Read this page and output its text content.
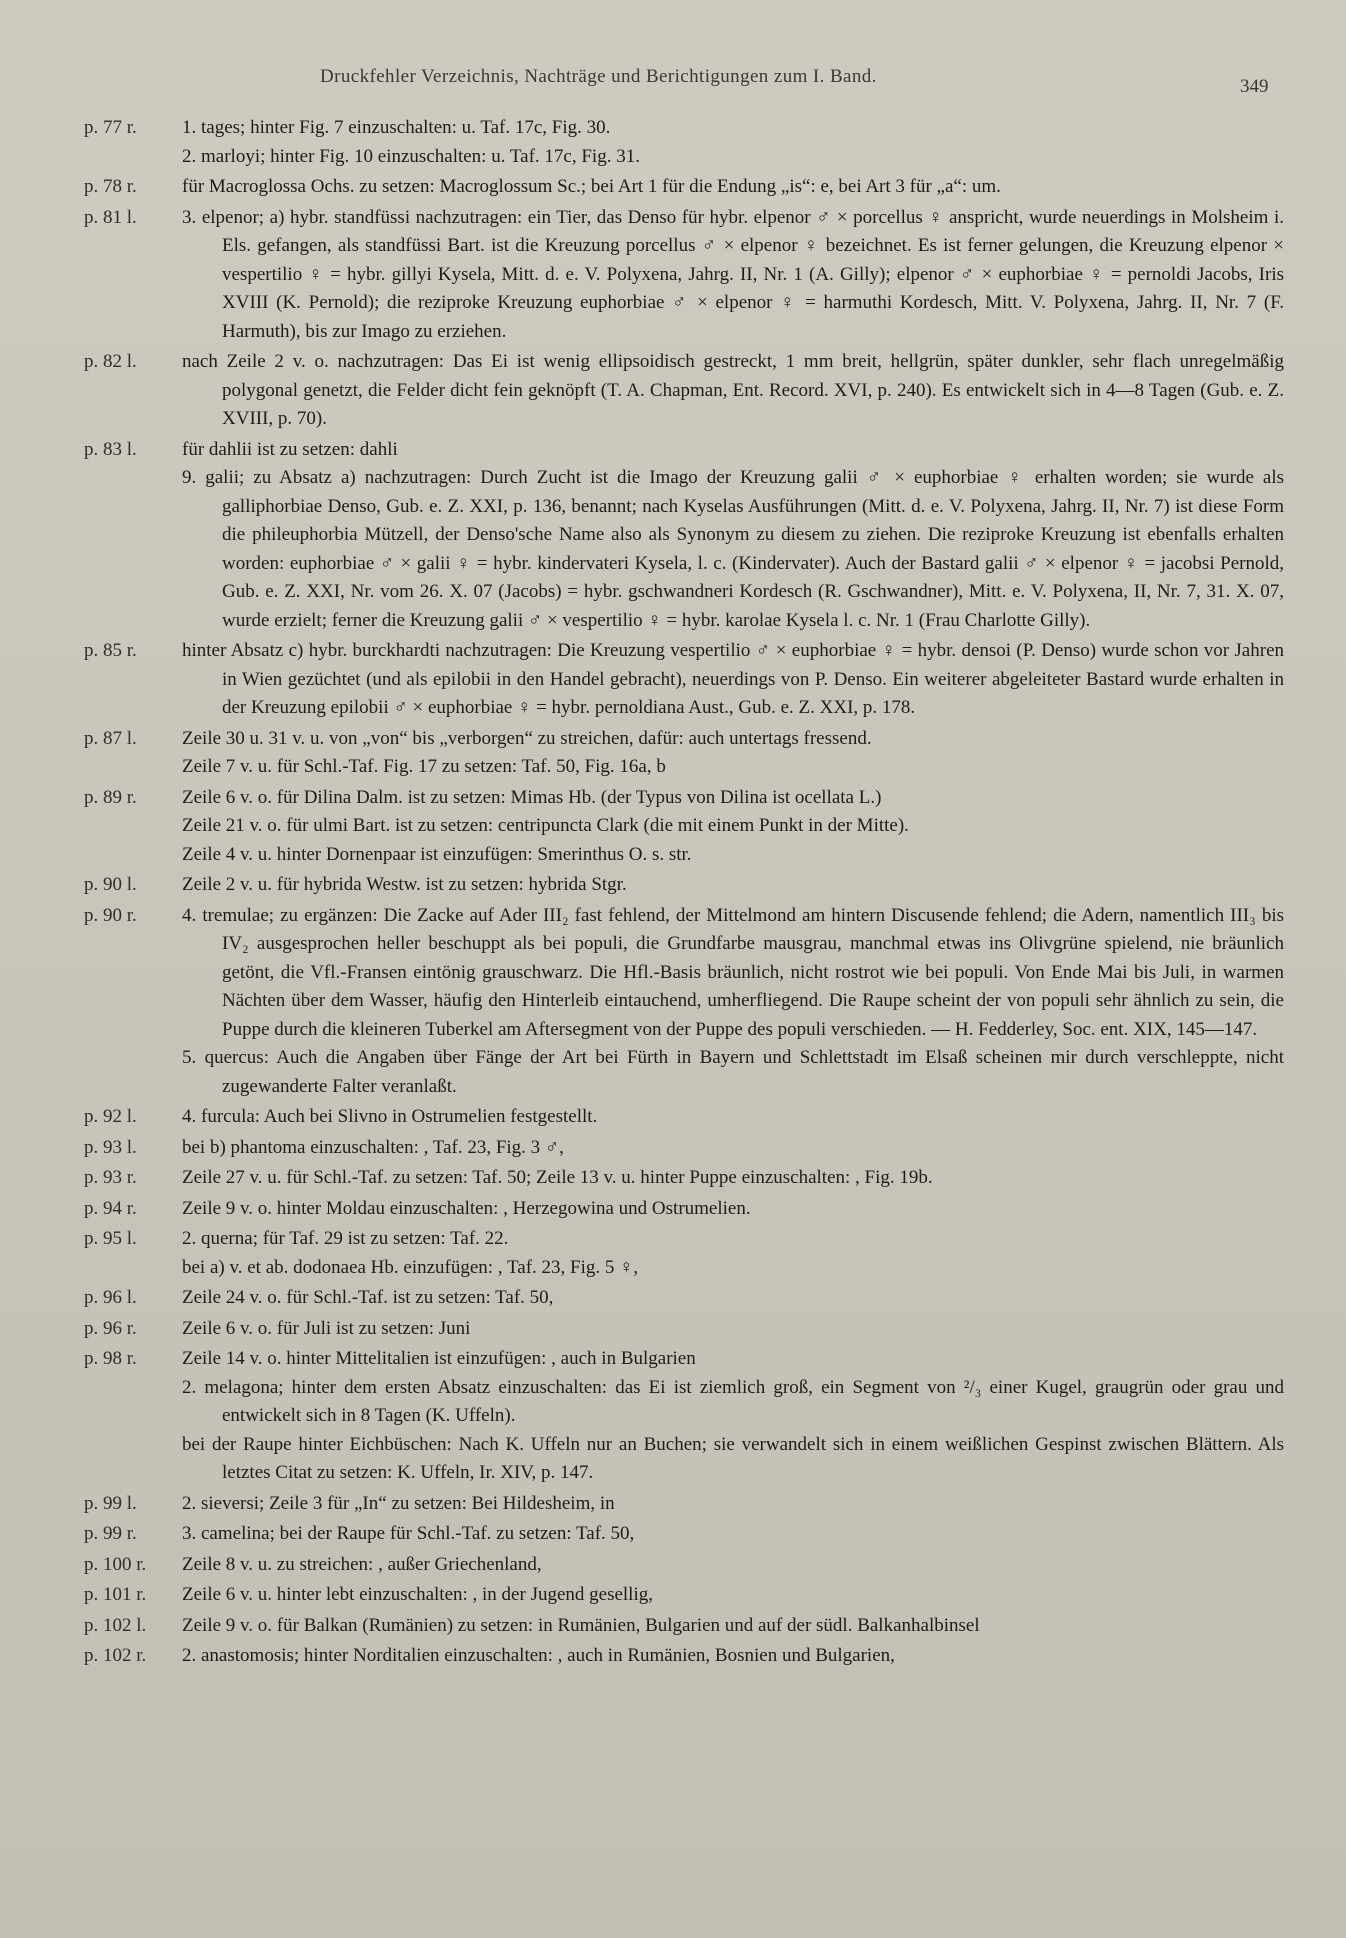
Druckfehler Verzeichnis, Nachträge und Berichtigungen zum I. Band.	349
p. 77 r.	1. tages; hinter Fig. 7 einzuschalten: u. Taf. 17c, Fig. 30.
2. marloyi; hinter Fig. 10 einzuschalten: u. Taf. 17c, Fig. 31.
p. 78 r.	für Macroglossa Ochs. zu setzen: Macroglossum Sc.; bei Art 1 für die Endung „is“: e, bei Art 3 für „a“: um.
p. 81 l.	3. elpenor; a) hybr. standfüssi nachzutragen: ein Tier, das Denso für hybr. elpenor ♂ × porcellus ♀ anspricht, wurde neuerdings in Molsheim i. Els. gefangen, als standfüssi Bart. ist die Kreuzung porcellus ♂ × elpenor ♀ bezeichnet. Es ist ferner gelungen, die Kreuzung elpenor × vespertilio ♀ = hybr. gillyi Kysela, Mitt. d. e. V. Polyxena, Jahrg. II, Nr. 1 (A. Gilly); elpenor ♂ × euphorbiae ♀ = pernoldi Jacobs, Iris XVIII (K. Pernold); die reziproke Kreuzung euphorbiae ♂ × elpenor ♀ = harmuthi Kordesch, Mitt. V. Polyxena, Jahrg. II, Nr. 7 (F. Harmuth), bis zur Imago zu erziehen.
p. 82 l.	nach Zeile 2 v. o. nachzutragen: Das Ei ist wenig ellipsoidisch gestreckt, 1 mm breit, hellgrün, später dunkler, sehr flach unregelmäßig polygonal genetzt, die Felder dicht fein geknöpft (T. A. Chapman, Ent. Record. XVI, p. 240). Es entwickelt sich in 4—8 Tagen (Gub. e. Z. XVIII, p. 70).
p. 83 l.	für dahlii ist zu setzen: dahli
9. galii; zu Absatz a) nachzutragen: Durch Zucht ist die Imago der Kreuzung galii ♂ × euphorbiae ♀ erhalten worden; sie wurde als galliphorbiae Denso, Gub. e. Z. XXI, p. 136, benannt; nach Kyselas Ausführungen (Mitt. d. e. V. Polyxena, Jahrg. II, Nr. 7) ist diese Form die phileuphorbia Mützell, der Denso'sche Name also als Synonym zu diesem zu ziehen. Die reziproke Kreuzung ist ebenfalls erhalten worden: euphorbiae ♂ × galii ♀ = hybr. kindervateri Kysela, l. c. (Kindervater). Auch der Bastard galii ♂ × elpenor ♀ = jacobsi Pernold, Gub. e. Z. XXI, Nr. vom 26. X. 07 (Jacobs) = hybr. gschwandneri Kordesch (R. Gschwandner), Mitt. e. V. Polyxena, II, Nr. 7, 31. X. 07, wurde erzielt; ferner die Kreuzung galii ♂ × vespertilio ♀ = hybr. karolae Kysela l. c. Nr. 1 (Frau Charlotte Gilly).
p. 85 r.	hinter Absatz c) hybr. burckhardti nachzutragen: Die Kreuzung vespertilio ♂ × euphorbiae ♀ = hybr. densoi (P. Denso) wurde schon vor Jahren in Wien gezüchtet (und als epilobii in den Handel gebracht), neuerdings von P. Denso. Ein weiterer abgeleiteter Bastard wurde erhalten in der Kreuzung epilobii ♂ × euphorbiae ♀ = hybr. pernoldiana Aust., Gub. e. Z. XXI, p. 178.
p. 87 l.	Zeile 30 u. 31 v. u. von „von“ bis „verborgen“ zu streichen, dafür: auch untertags fressend.
Zeile 7 v. u. für Schl.-Taf. Fig. 17 zu setzen: Taf. 50, Fig. 16a, b
p. 89 r.	Zeile 6 v. o. für Dilina Dalm. ist zu setzen: Mimas Hb. (der Typus von Dilina ist ocellata L.)
Zeile 21 v. o. für ulmi Bart. ist zu setzen: centripuncta Clark (die mit einem Punkt in der Mitte).
Zeile 4 v. u. hinter Dornenpaar ist einzufügen: Smerinthus O. s. str.
p. 90 l.	Zeile 2 v. u. für hybrida Westw. ist zu setzen: hybrida Stgr.
p. 90 r.	4. tremulae; zu ergänzen: Die Zacke auf Ader III₂ fast fehlend, der Mittelmond am hintern Discusende fehlend; die Adern, namentlich III₃ bis IV₂ ausgesprochen heller beschuppt als bei populi, die Grundfarbe mausgrau, manchmal etwas ins Olivgrüne spielend, nie bräunlich getönt, die Vfl.-Fransen eintönig grauschwarz. Die Hfl.-Basis bräunlich, nicht rostrot wie bei populi. Von Ende Mai bis Juli, in warmen Nächten über dem Wasser, häufig den Hinterleib eintauchend, umherfliegend. Die Raupe scheint der von populi sehr ähnlich zu sein, die Puppe durch die kleineren Tuberkel am Aftersegment von der Puppe des populi verschieden. — H. Fedderley, Soc. ent. XIX, 145—147.
5. quercus: Auch die Angaben über Fänge der Art bei Fürth in Bayern und Schlettstadt im Elsaß scheinen mir durch verschleppte, nicht zugewanderte Falter veranlaßt.
p. 92 l.	4. furcula: Auch bei Slivno in Ostrumelien festgestellt.
p. 93 l.	bei b) phantoma einzuschalten: , Taf. 23, Fig. 3 ♂,
p. 93 r.	Zeile 27 v. u. für Schl.-Taf. zu setzen: Taf. 50; Zeile 13 v. u. hinter Puppe einzuschalten: , Fig. 19b.
p. 94 r.	Zeile 9 v. o. hinter Moldau einzuschalten: , Herzegowina und Ostrumelien.
p. 95 l.	2. querna; für Taf. 29 ist zu setzen: Taf. 22.
bei a) v. et ab. dodonaea Hb. einzufügen: , Taf. 23, Fig. 5 ♀,
p. 96 l.	Zeile 24 v. o. für Schl.-Taf. ist zu setzen: Taf. 50,
p. 96 r.	Zeile 6 v. o. für Juli ist zu setzen: Juni
p. 98 r.	Zeile 14 v. o. hinter Mittelitalien ist einzufügen: , auch in Bulgarien
2. melagona; hinter dem ersten Absatz einzuschalten: das Ei ist ziemlich groß, ein Segment von ²/₃ einer Kugel, graugrün oder grau und entwickelt sich in 8 Tagen (K. Uffeln).
bei der Raupe hinter Eichbüschen: Nach K. Uffeln nur an Buchen; sie verwandelt sich in einem weißlichen Gespinst zwischen Blättern. Als letztes Citat zu setzen: K. Uffeln, Ir. XIV, p. 147.
p. 99 l.	2. sieversi; Zeile 3 für „In“ zu setzen: Bei Hildesheim, in
p. 99 r.	3. camelina; bei der Raupe für Schl.-Taf. zu setzen: Taf. 50,
p. 100 r.	Zeile 8 v. u. zu streichen: , außer Griechenland,
p. 101 r.	Zeile 6 v. u. hinter lebt einzuschalten: , in der Jugend gesellig,
p. 102 l.	Zeile 9 v. o. für Balkan (Rumänien) zu setzen: in Rumänien, Bulgarien und auf der südl. Balkanhalbinsel
p. 102 r.	2. anastomosis; hinter Norditalien einzuschalten: , auch in Rumänien, Bosnien und Bulgarien,
